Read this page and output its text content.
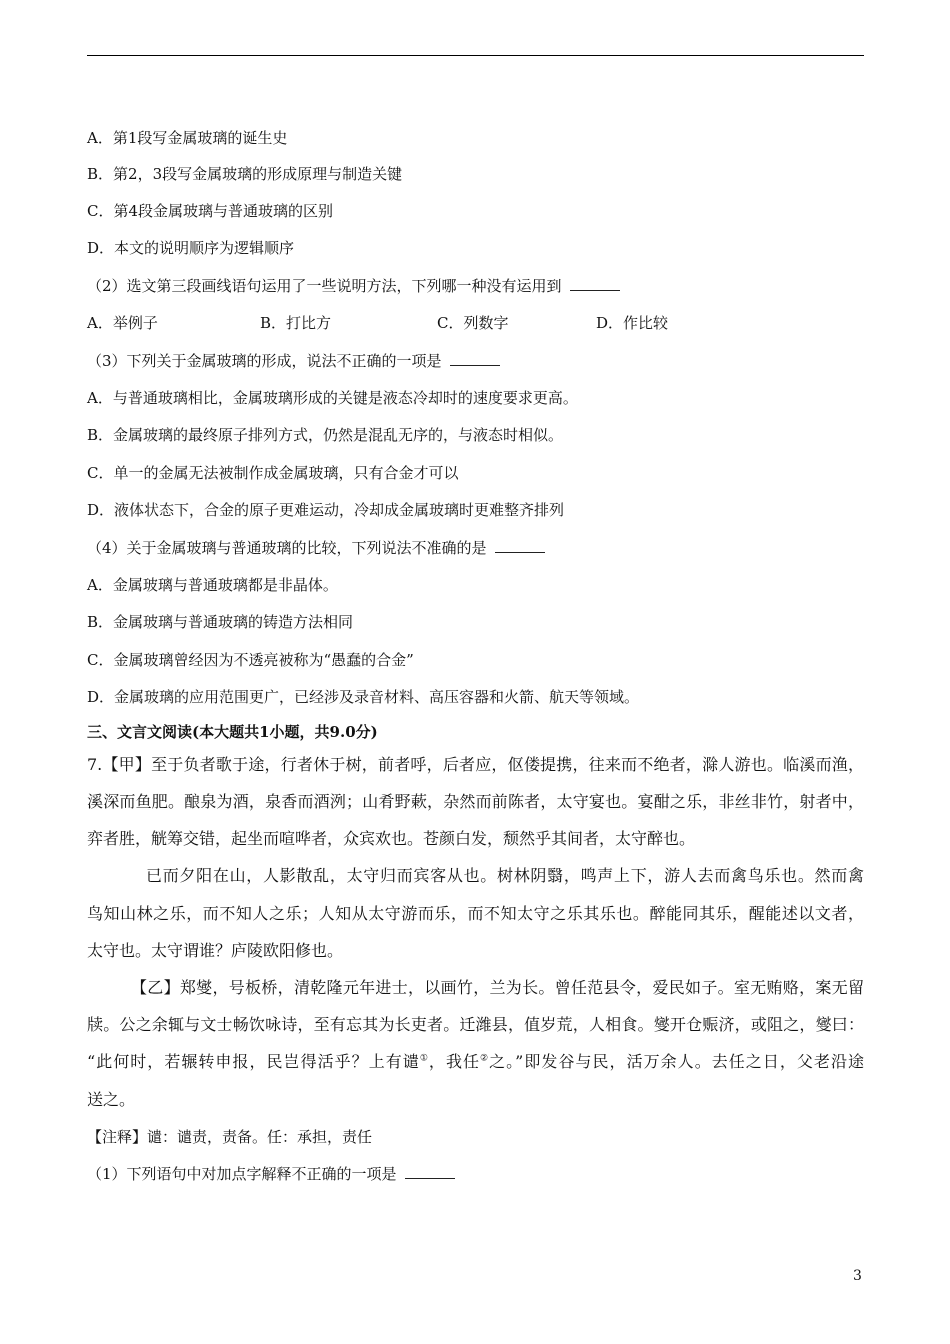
A．第1段写金属玻璃的诞生史
B．第2，3段写金属玻璃的形成原理与制造关键
C．第4段金属玻璃与普通玻璃的区别
D．本文的说明顺序为逻辑顺序
（2）选文第三段画线语句运用了一些说明方法，下列哪一种没有运用到
A．举例子	B．打比方	C．列数字	D．作比较
（3）下列关于金属玻璃的形成，说法不正确的一项是
A．与普通玻璃相比，金属玻璃形成的关键是液态冷却时的速度要求更高。
B．金属玻璃的最终原子排列方式，仍然是混乱无序的，与液态时相似。
C．单一的金属无法被制作成金属玻璃，只有合金才可以
D．液体状态下，合金的原子更难运动，冷却成金属玻璃时更难整齐排列
（4）关于金属玻璃与普通玻璃的比较，下列说法不准确的是
A．金属玻璃与普通玻璃都是非晶体。
B．金属玻璃与普通玻璃的铸造方法相同
C．金属玻璃曾经因为不透亮被称为“愚蠢的合金”
D．金属玻璃的应用范围更广，已经涉及录音材料、高压容器和火箭、航天等领域。
三、文言文阅读(本大题共1小题，共9.0分)
7.【甲】至于负者歌于途，行者休于树，前者呼，后者应，伛偻提携，往来而不绝者，滁人游也。临溪而渔，
溪深而鱼肥。酿泉为酒，泉香而酒洌；山肴野蔌，杂然而前陈者，太守宴也。宴酣之乐，非丝非竹，射者中，
弈者胜，觥筹交错，起坐而喧哗者，众宾欢也。苍颜白发，颓然乎其间者，太守醉也。
已而夕阳在山，人影散乱，太守归而宾客从也。树林阴翳，鸣声上下，游人去而禽鸟乐也。然而禽
鸟知山林之乐，而不知人之乐；人知从太守游而乐，而不知太守之乐其乐也。醉能同其乐，醒能述以文者，
太守也。太守谓谁？庐陵欧阳修也。
【乙】郑燮，号板桥，清乾隆元年进士，以画竹，兰为长。曾任范县令，爱民如子。室无贿赂，案无留
牍。公之余辄与文士畅饮咏诗，至有忘其为长吏者。迁潍县，值岁荒，人相食。燮开仓赈济，或阻之，燮曰：
“此何时，若辗转申报，民岂得活乎？上有谴①，我任②之。”即发谷与民，活万余人。去任之日，父老沿途
送之。
【注释】谴：谴责，责备。任：承担，责任
（1）下列语句中对加点字解释不正确的一项是
3
